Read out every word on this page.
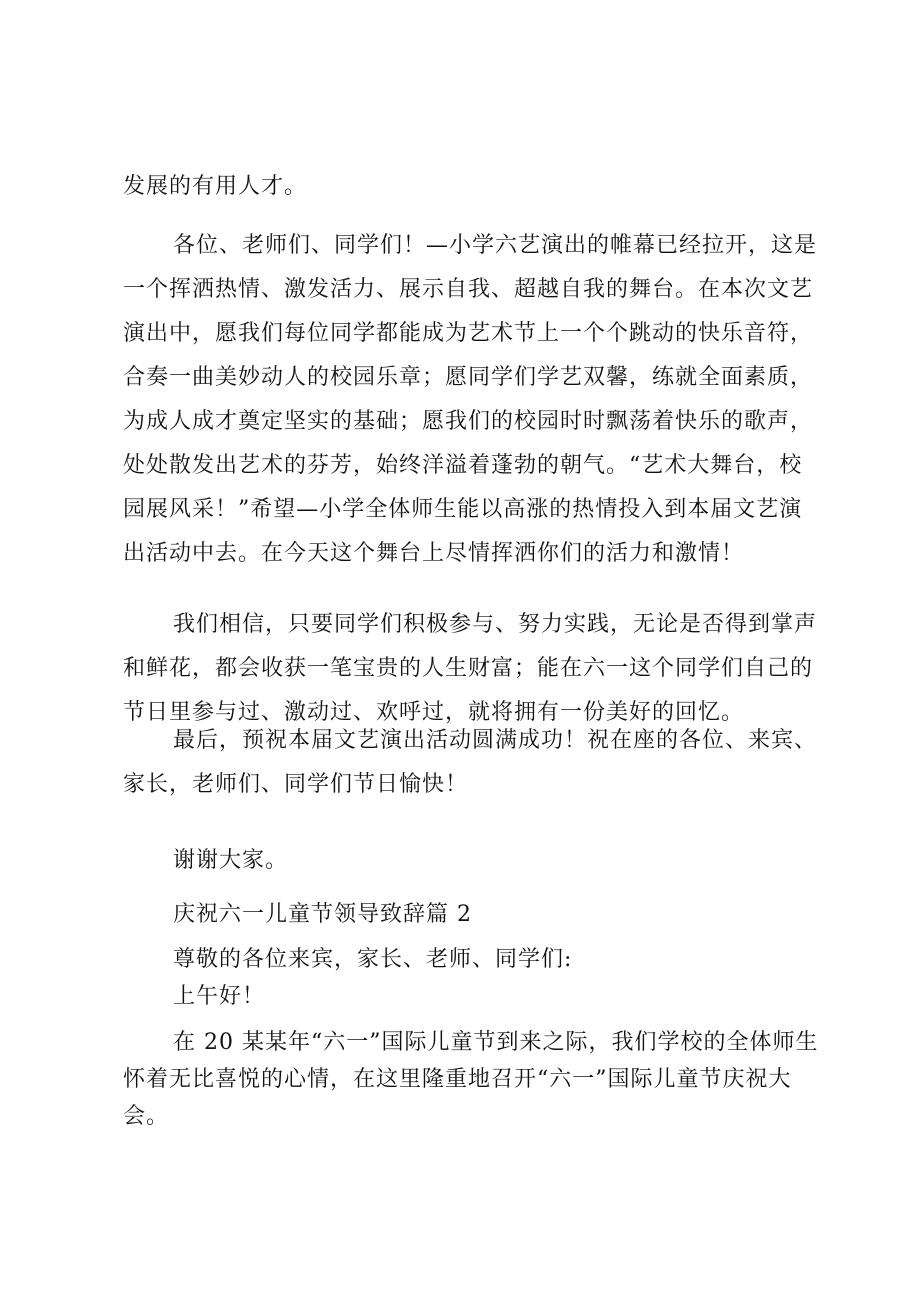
发展的有用人才。

各位、老师们、同学们！—小学六艺演出的帷幕已经拉开，这是
一个挥洒热情、激发活力、展示自我、超越自我的舞台。在本次文艺
演出中，愿我们每位同学都能成为艺术节上一个个跳动的快乐音符，
合奏一曲美妙动人的校园乐章；愿同学们学艺双馨，练就全面素质，
为成人成才奠定坚实的基础；愿我们的校园时时飘荡着快乐的歌声，
处处散发出艺术的芬芳，始终洋溢着蓬勃的朝气。“艺术大舞台，校
园展风采！”希望—小学全体师生能以高涨的热情投入到本届文艺演
出活动中去。在今天这个舞台上尽情挥洒你们的活力和激情！

我们相信，只要同学们积极参与、努力实践，无论是否得到掌声
和鲜花，都会收获一笔宝贵的人生财富；能在六一这个同学们自己的
节日里参与过、激动过、欢呼过，就将拥有一份美好的回忆。

最后，预祝本届文艺演出活动圆满成功！祝在座的各位、来宾、
家长，老师们、同学们节日愉快！

谢谢大家。

庆祝六一儿童节领导致辞篇 2

尊敬的各位来宾，家长、老师、同学们:

上午好！

在 20 某某年“六一”国际儿童节到来之际，我们学校的全体师生
怀着无比喜悦的心情，在这里隆重地召开“六一”国际儿童节庆祝大
会。
